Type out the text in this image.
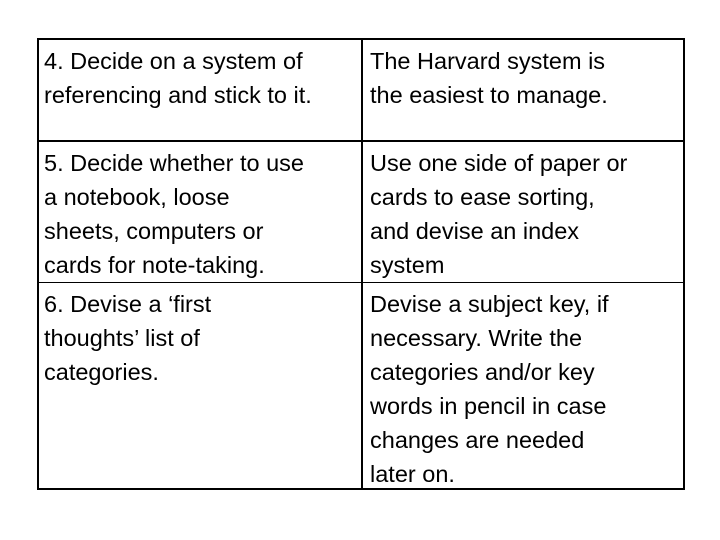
4. Decide on a system of
referencing and stick to it.
The Harvard system is
the easiest to manage.
5. Decide whether to use
a notebook, loose
sheets, computers or
cards for note-taking.
Use one side of paper or
cards to ease sorting,
and devise an index
system
6. Devise a ‘first
thoughts’ list of
categories.
Devise a subject key, if
necessary. Write the
categories and/or key
words in pencil in case
changes are needed
later on.
